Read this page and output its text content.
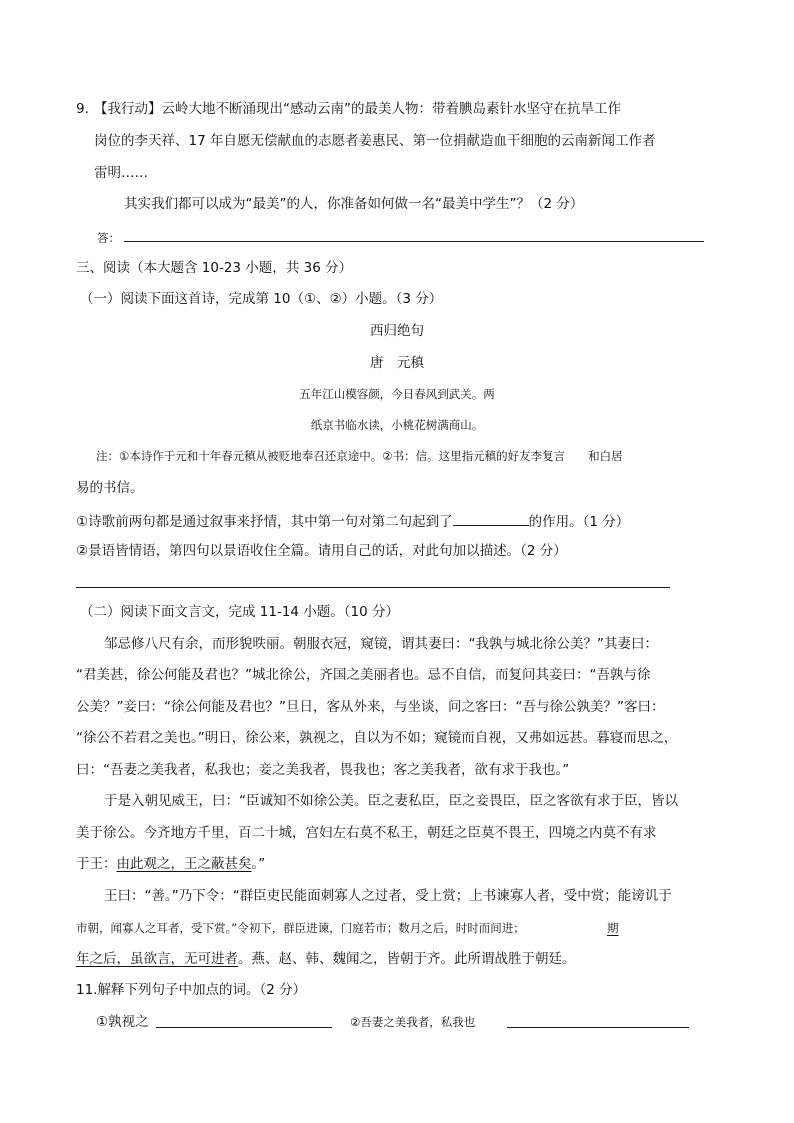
9. 【我行动】云岭大地不断涌现出“感动云南”的最美人物：带着腆岛素针水坚守在抗旱工作
岗位的李天祥、17 年自愿无偿献血的志愿者姜惠民、第一位捐献造血干细胞的云南新闻工作者
雷明……
其实我们都可以成为“最美”的人，你准备如何做一名“最美中学生”？（2 分）
答：
三、阅读（本大题含 10-23 小题，共 36 分）
（一）阅读下面这首诗，完成第 10（①、②）小题。（3 分）
西归绝句
唐　元稹
五年江山模容颜，今日春风到武关。两
纸京书临水读，小桃花树满商山。
注：①本诗作于元和十年春元稹从被贬地奉召还京途中。②书：信。这里指元稹的好友李复言　　和白居
易的书信。
①诗歌前两句都是通过叙事来抒情，其中第一句对第二句起到了	的作用。（1 分）
②景语皆情语，第四句以景语收住全篇。请用自己的话，对此句加以描述。（2 分）
（二）阅读下面文言文，完成 11-14 小题。（10 分）
邹忌修八尺有余，而形貌昳丽。朝服衣冠，窥镜，谓其妻曰：“我孰与城北徐公美？”其妻曰：
“君美甚，徐公何能及君也？”城北徐公，齐国之美丽者也。忌不自信，而复问其妾曰：“吾孰与徐
公美？”妾曰：“徐公何能及君也？”旦日，客从外来，与坐谈，问之客曰：“吾与徐公孰美？”客曰：
“徐公不若君之美也。”明日，徐公来，孰视之，自以为不如；窥镜而自视，又弗如远甚。暮寝而思之，
曰：“吾妻之美我者，私我也；妾之美我者，畏我也；客之美我者，欲有求于我也。”
于是入朝见威王，曰：“臣诚知不如徐公美。臣之妻私臣，臣之妾畏臣，臣之客欲有求于臣，皆以
美于徐公。今齐地方千里，百二十城，宫妇左右莫不私王，朝廷之臣莫不畏王，四境之内莫不有求
于王：由此观之，王之蔽甚矣。”
王曰：“善。”乃下令：“群臣吏民能面刺寡人之过者，受上赏；上书谏寡人者，受中赏；能谤讥于
市朝，闻寡人之耳者，受下赏。”令初下，群臣进谏，门庭若市；数月之后，时时而间进；	期
年之后，虽欲言，无可进者。燕、赵、韩、魏闻之，皆朝于齐。此所谓战胜于朝廷。
11.解释下列句子中加点的词。（2 分）
①孰视之	②吾妻之美我者，私我也
